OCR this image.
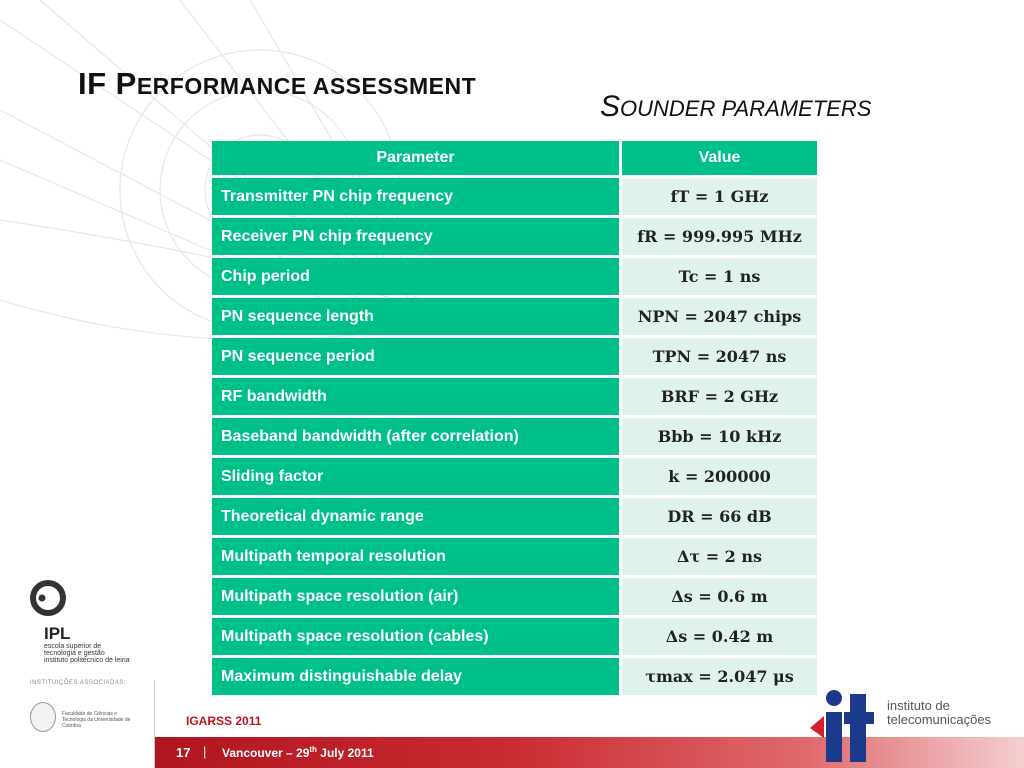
IF PERFORMANCE ASSESSMENT
SOUNDER PARAMETERS
Parameter	Value
Transmitter PN chip frequency	fT = 1 GHz
Receiver PN chip frequency	fR = 999.995 MHz
Chip period	Tc = 1 ns
PN sequence length	NPN = 2047 chips
PN sequence period	TPN = 2047 ns
RF bandwidth	BRF = 2 GHz
Baseband bandwidth (after correlation)	Bbb = 10 kHz
Sliding factor	k = 200000
Theoretical dynamic range	DR = 66 dB
Multipath temporal resolution	Δτ = 2 ns
Multipath space resolution (air)	Δs = 0.6 m
Multipath space resolution (cables)	Δs = 0.42 m
Maximum distinguishable delay	τmax = 2.047 μs
IPL
escola superior de tecnologia e gestão
instituto politécnico de leiria
INSTITUIÇÕES ASSOCIADAS:
Faculdade de Ciências e Tecnologia da Universidade de Coimbra	IGARSS 2011
17 | Vancouver – 29th July 2011
instituto de
telecomunicações
